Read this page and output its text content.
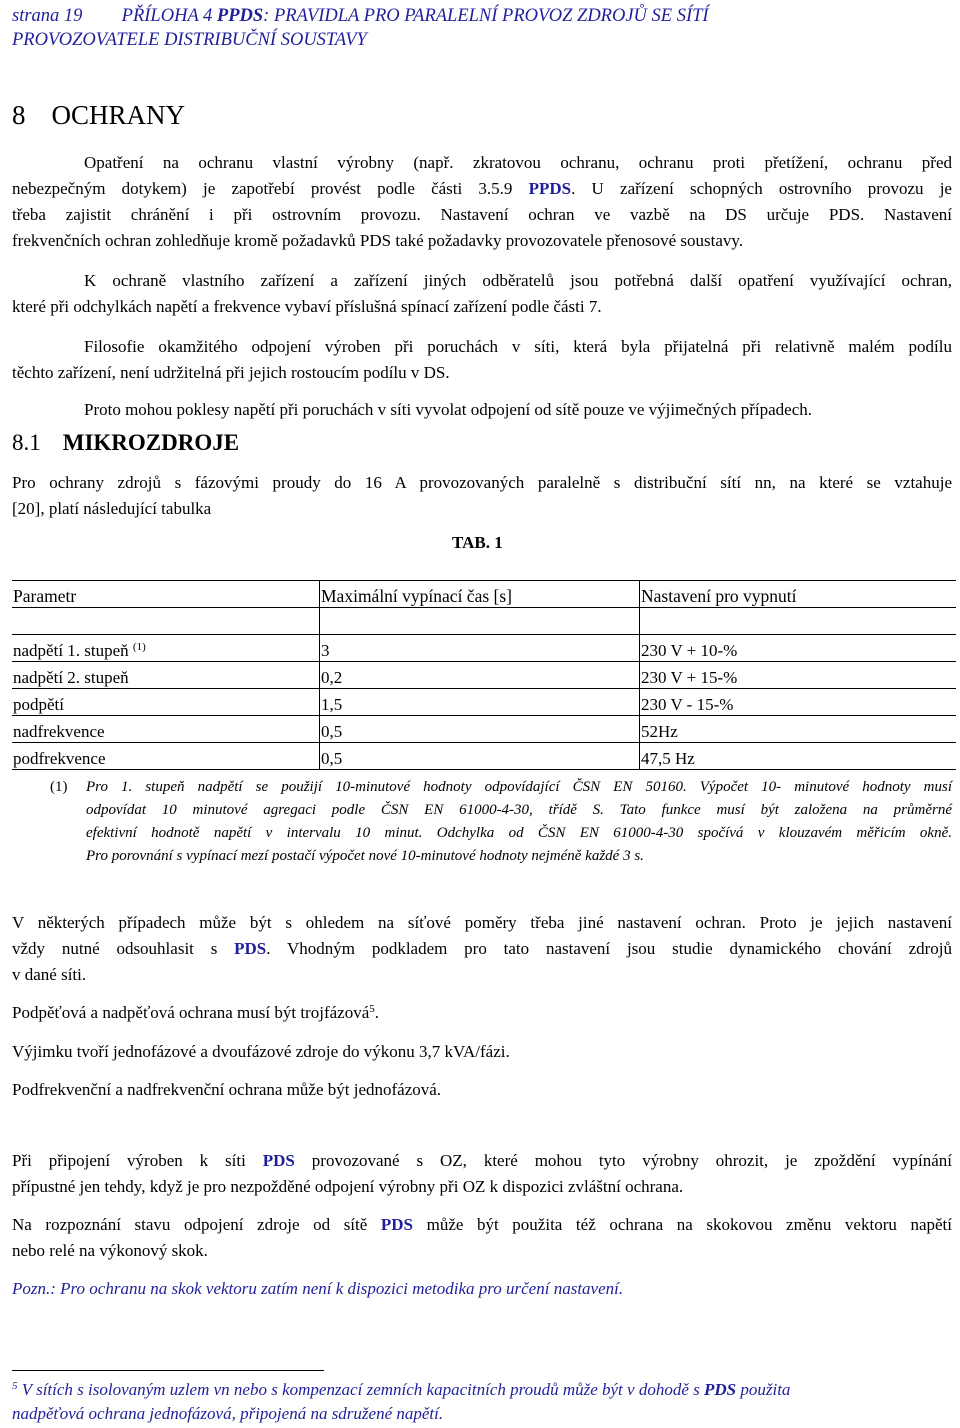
strana 19 PŘÍLOHA 4 PPDS: PRAVIDLA PRO PARALELNÍ PROVOZ ZDROJŮ SE SÍTÍ
PROVOZOVATELE DISTRIBUČNÍ SOUSTAVY
8 OCHRANY
Opatření na ochranu vlastní výrobny (např. zkratovou ochranu, ochranu proti přetížení, ochranu před
nebezpečným dotykem) je zapotřebí provést podle části 3.5.9 PPDS. U zařízení schopných ostrovního provozu je
třeba zajistit chránění i při ostrovním provozu. Nastavení ochran ve vazbě na DS určuje PDS. Nastavení
frekvenčních ochran zohledňuje kromě požadavků PDS také požadavky provozovatele přenosové soustavy.
K ochraně vlastního zařízení a zařízení jiných odběratelů jsou potřebná další opatření využívající ochran,
které při odchylkách napětí a frekvence vybaví příslušná spínací zařízení podle části 7.
Filosofie okamžitého odpojení výroben při poruchách v síti, která byla přijatelná při relativně malém podílu
těchto zařízení, není udržitelná při jejich rostoucím podílu v DS.
Proto mohou poklesy napětí při poruchách v síti vyvolat odpojení od sítě pouze ve výjimečných případech.
8.1 MIKROZDROJE
Pro ochrany zdrojů s fázovými proudy do 16 A provozovaných paralelně s distribuční sítí nn, na které se vztahuje
[20], platí následující tabulka
TAB. 1
Parametr	Maximální vypínací čas [s]	Nastavení pro vypnutí

nadpětí 1. stupeň $^{(1)}$	3	230 V + 10-%
nadpětí 2. stupeň	0,2	230 V + 15-%
podpětí	1,5	230 V - 15-%
nadfrekvence	0,5	52Hz
podfrekvence	0,5	47,5 Hz
(1) Pro 1. stupeň nadpětí se použijí 10-minutové hodnoty odpovídající ČSN EN 50160. Výpočet 10- minutové hodnoty musí
odpovídat 10 minutové agregaci podle ČSN EN 61000-4-30, třídě S. Tato funkce musí být založena na průměrné
efektivní hodnotě napětí v intervalu 10 minut. Odchylka od ČSN EN 61000-4-30 spočívá v klouzavém měřicím okně.
Pro porovnání s vypínací mezí postačí výpočet nové 10-minutové hodnoty nejméně každé 3 s.
V některých případech může být s ohledem na síťové poměry třeba jiné nastavení ochran. Proto je jejich nastavení
vždy nutné odsouhlasit s PDS. Vhodným podkladem pro tato nastavení jsou studie dynamického chování zdrojů
v dané síti.
Podpěťová a nadpěťová ochrana musí být trojfázová$^5$.
Výjimku tvoří jednofázové a dvoufázové zdroje do výkonu 3,7 kVA/fázi.
Podfrekvenční a nadfrekvenční ochrana může být jednofázová.
Při připojení výroben k síti PDS provozované s OZ, které mohou tyto výrobny ohrozit, je zpoždění vypínání
přípustné jen tehdy, když je pro nezpožděné odpojení výrobny při OZ k dispozici zvláštní ochrana.
Na rozpoznání stavu odpojení zdroje od sítě PDS může být použita též ochrana na skokovou změnu vektoru napětí
nebo relé na výkonový skok.
Pozn.: Pro ochranu na skok vektoru zatím není k dispozici metodika pro určení nastavení.
$^5$ V sítích s isolovaným uzlem vn nebo s kompenzací zemních kapacitních proudů může být v dohodě s PDS použita
nadpěťová ochrana jednofázová, připojená na sdružené napětí.
